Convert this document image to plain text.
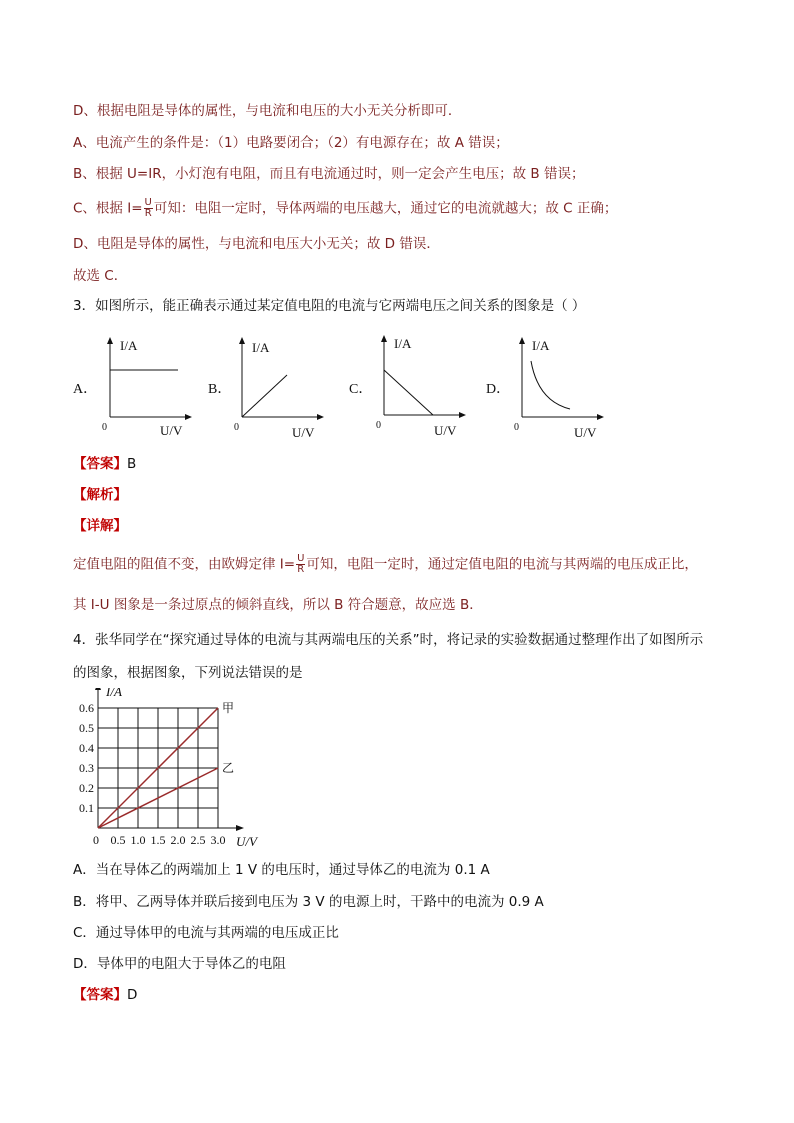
D、根据电阻是导体的属性，与电流和电压的大小无关分析即可．
A、电流产生的条件是：（1）电路要闭合；（2）有电源存在；故 A 错误；
B、根据 U=IR，小灯泡有电阻，而且有电流通过时，则一定会产生电压；故 B 错误；
C、根据 $I= \frac{U}{R}$ 可知：电阻一定时，导体两端的电压越大，通过它的电流就越大；故 C 正确；
D、电阻是导体的属性，与电流和电压大小无关；故 D 错误．
故选 C．
3．如图所示，能正确表示通过某定值电阻的电流与它两端电压之间关系的图象是（ ）
A．
I/A
0	U/V
B．
I/A
0	U/V
C．
I/A
0	U/V
D．
I/A
0	U/V
【答案】B
【解析】
【详解】
定值电阻的阻值不变，由欧姆定律 $I= \frac{U}{R}$ 可知，电阻一定时，通过定值电阻的电流与其两端的电压成正比，
其 I-U 图象是一条过原点的倾斜直线，所以 B 符合题意，故应选 B．
4．张华同学在“探究通过导体的电流与其两端电压的关系”时，将记录的实验数据通过整理作出了如图所示
的图象，根据图象，下列说法错误的是
甲
乙
0.1
0.2
0.3
0.4
0.5
0.6
0 0.5 1.0 1.5 2.0 2.5 3.0
I/A
U/V
A．当在导体乙的两端加上 1 V 的电压时，通过导体乙的电流为 0.1 A
B．将甲、乙两导体并联后接到电压为 3 V 的电源上时，干路中的电流为 0.9 A
C．通过导体甲的电流与其两端的电压成正比
D．导体甲的电阻大于导体乙的电阻
【答案】D
